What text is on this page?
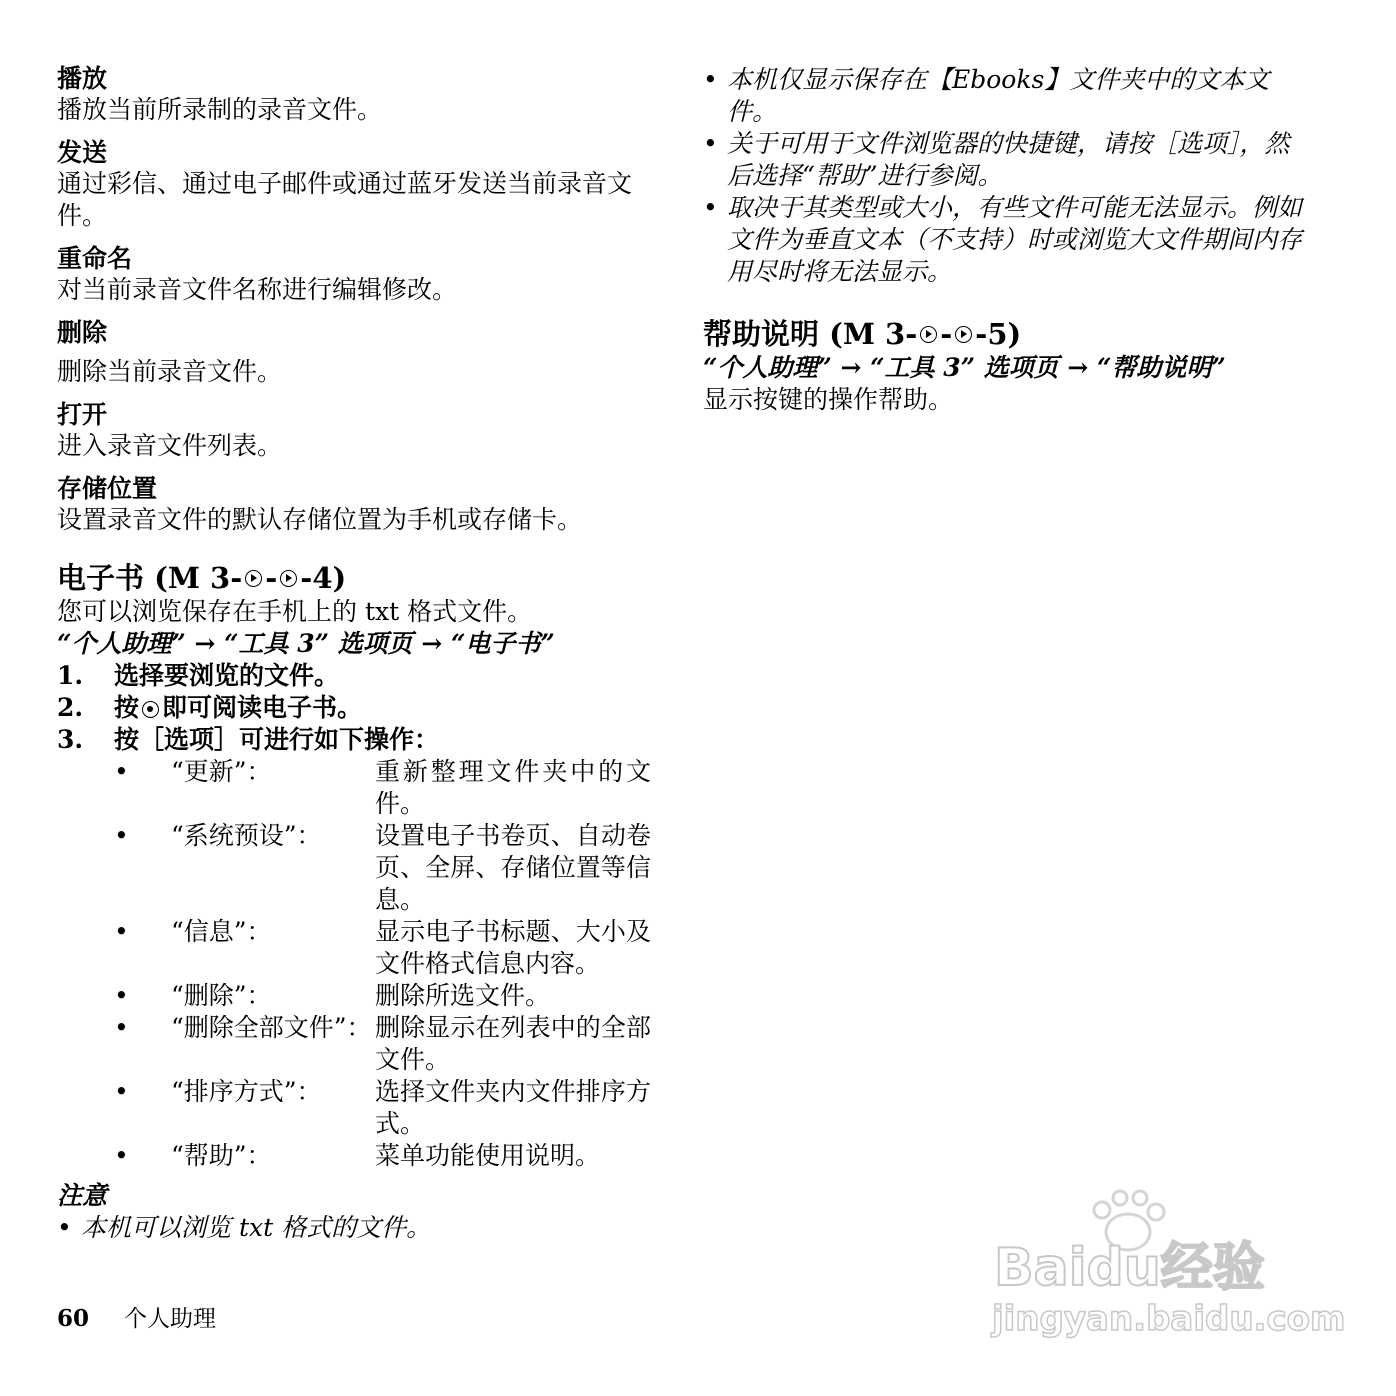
播放

播放当前所录制的录音文件。

发送

通过彩信、通过电子邮件或通过蓝牙发送当前录音文件。

重命名

对当前录音文件名称进行编辑修改。

删除

删除当前录音文件。

打开

进入录音文件列表。

存储位置

设置录音文件的默认存储位置为手机或存储卡。

电子书 (M 3- - -4)

您可以浏览保存在手机上的 txt 格式文件。

“个人助理” → “工具 3” 选项页 → “电子书”

1.	选择要浏览的文件。
2.	按 即可阅读电子书。
3.	按［选项］可进行如下操作：
•	“更新”：	重新整理文件夹中的文件。
•	“系统预设”：	设置电子书卷页、自动卷页、全屏、存储位置等信息。
•	“信息”：	显示电子书标题、大小及文件格式信息内容。
•	“删除”：	删除所选文件。
•	“删除全部文件”： 删除显示在列表中的全部文件。
•	“排序方式”：	选择文件夹内文件排序方式。
•	“帮助”：	菜单功能使用说明。

注意

• 本机可以浏览 txt 格式的文件。
• 本机仅显示保存在【Ebooks】文件夹中的文本文件。
• 关于可用于文件浏览器的快捷键，请按［选项］，然后选择“帮助”进行参阅。
• 取决于其类型或大小，有些文件可能无法显示。例如文件为垂直文本（不支持）时或浏览大文件期间内存用尽时将无法显示。
帮助说明 (M 3- - -5)

“个人助理” → “工具 3” 选项页 → “帮助说明”

显示按键的操作帮助。

60	个人助理
Baidu经验
jingyan.baidu.com
